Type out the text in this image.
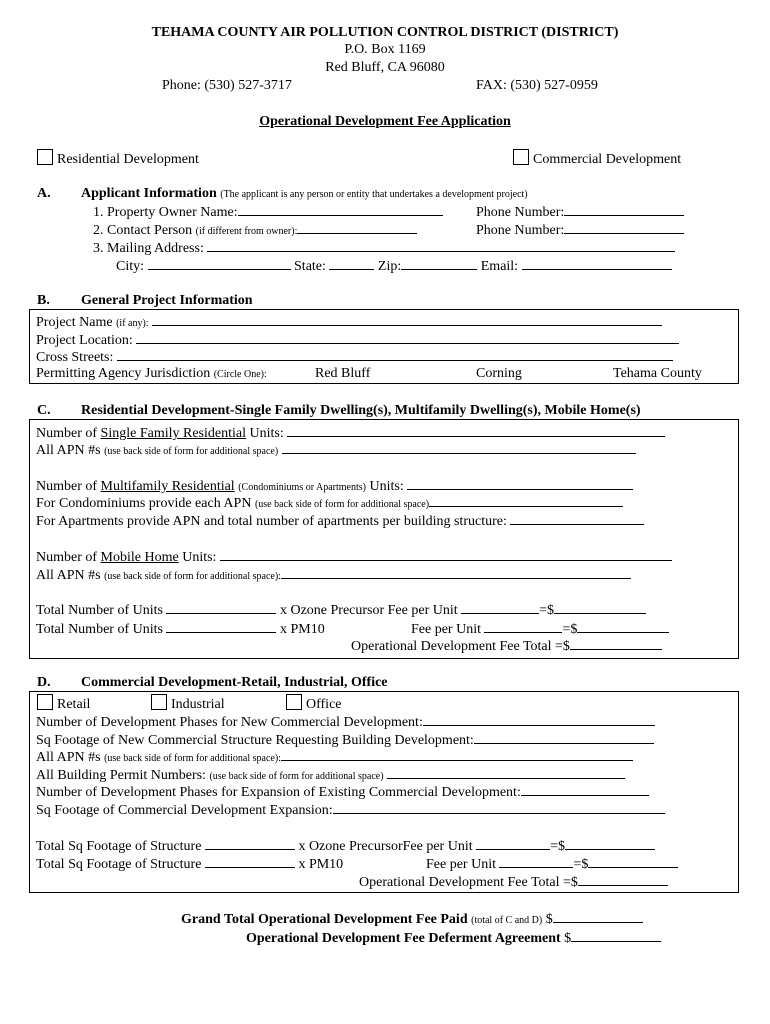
TEHAMA COUNTY AIR POLLUTION CONTROL DISTRICT (DISTRICT)
P.O. Box 1169
Red Bluff, CA 96080
Phone: (530) 527-3717	FAX: (530) 527-0959
Operational Development Fee Application
Residential Development	Commercial Development
A. Applicant Information (The applicant is any person or entity that undertakes a development project)
1. Property Owner Name:	Phone Number:
2. Contact Person (if different from owner):	Phone Number:
3. Mailing Address:
City:	State:	Zip:	Email:
B. General Project Information
Project Name (if any):
Project Location:
Cross Streets:
Permitting Agency Jurisdiction (Circle One):	Red Bluff	Corning	Tehama County
C. Residential Development-Single Family Dwelling(s), Multifamily Dwelling(s), Mobile Home(s)
Number of Single Family Residential Units:
All APN #s (use back side of form for additional space)
Number of Multifamily Residential (Condominiums or Apartments) Units:
For Condominiums provide each APN (use back side of form for additional space)
For Apartments provide APN and total number of apartments per building structure:
Number of Mobile Home Units:
All APN #s (use back side of form for additional space):
Total Number of Units	x Ozone Precursor Fee per Unit	=$
Total Number of Units	x PM10	Fee per Unit	=$
Operational Development Fee Total =$
D. Commercial Development-Retail, Industrial, Office
Retail	Industrial	Office
Number of Development Phases for New Commercial Development:
Sq Footage of New Commercial Structure Requesting Building Development:
All APN #s (use back side of form for additional space):
All Building Permit Numbers: (use back side of form for additional space)
Number of Development Phases for Expansion of Existing Commercial Development:
Sq Footage of Commercial Development Expansion:
Total Sq Footage of Structure	x Ozone PrecursorFee per Unit	=$
Total Sq Footage of Structure	x PM10	Fee per Unit	=$
Operational Development Fee Total =$
Grand Total Operational Development Fee Paid (total of C and D) $
Operational Development Fee Deferment Agreement $
